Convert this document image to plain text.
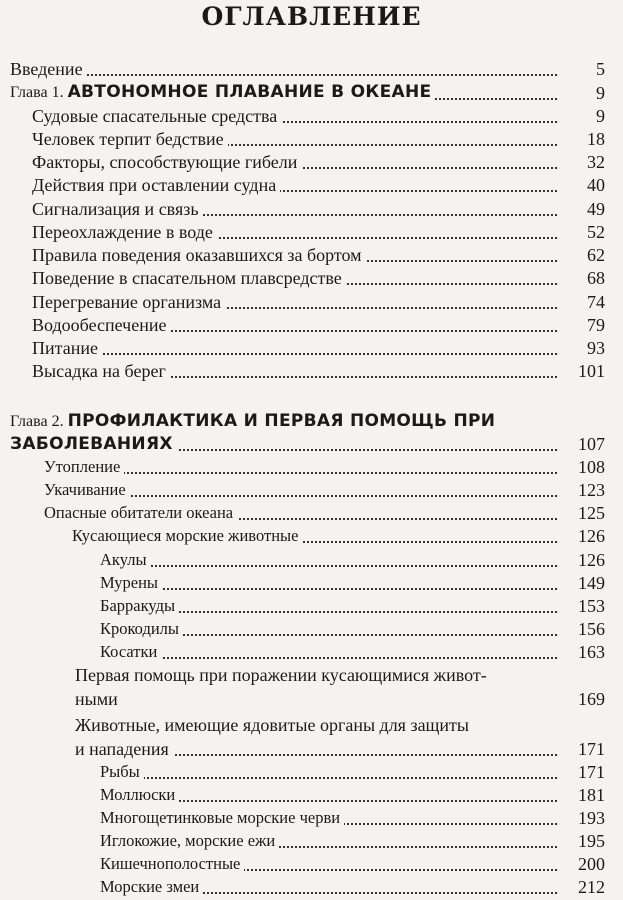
ОГЛАВЛЕНИЕ
Введение	5
Глава 1. АВТОНОМНОЕ ПЛАВАНИЕ В ОКЕАНЕ	9
Судовые спасательные средства	9
Человек терпит бедствие	18
Факторы, способствующие гибели	32
Действия при оставлении судна	40
Сигнализация и связь	49
Переохлаждение в воде	52
Правила поведения оказавшихся за бортом	62
Поведение в спасательном плавсредстве	68
Перегревание организма	74
Водообеспечение	79
Питание	93
Высадка на берег	101
Глава 2. ПРОФИЛАКТИКА И ПЕРВАЯ ПОМОЩЬ ПРИ
ЗАБОЛЕВАНИЯХ	107
Утопление	108
Укачивание	123
Опасные обитатели океана	125
Кусающиеся морские животные	126
Акулы	126
Мурены	149
Барракуды	153
Крокодилы	156
Косатки	163
Первая помощь при поражении кусающимися живот-
ными	169
Животные, имеющие ядовитые органы для защиты
и нападения	171
Рыбы	171
Моллюски	181
Многощетинковые морские черви	193
Иглокожие, морские ежи	195
Кишечнополостные	200
Морские змеи	212
